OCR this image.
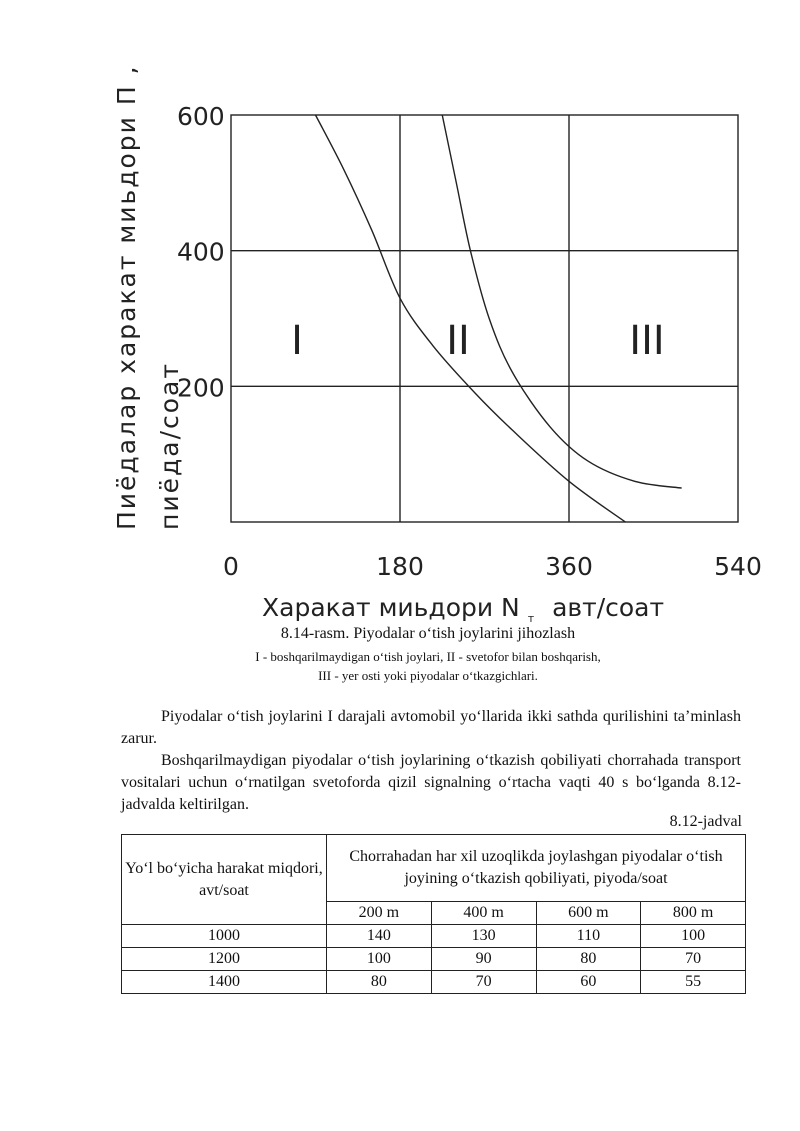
600
400
200
0	180	360	540
I	II	III
Пиёдалар харакат миьдори П , пиёда/соат
Харакат миьдори N $_т$ авт/соат
8.14-rasm. Piyodalar o‘tish joylarini jihozlash
I - boshqarilmaydigan o‘tish joylari, II - svetofor bilan boshqarish,
III - yer osti yoki piyodalar o‘tkazgichlari.
Piyodalar o‘tish joylarini I darajali avtomobil yo‘llarida ikki sathda qurilishini ta’minlash zarur.
Boshqarilmaydigan piyodalar o‘tish joylarining o‘tkazish qobiliyati chorrahada transport vositalari uchun o‘rnatilgan svetoforda qizil signalning o‘rtacha vaqti 40 s bo‘lganda 8.12-jadvalda keltirilgan.
8.12-jadval
Yo‘l bo‘yicha harakat miqdori, avt/soat	Chorrahadan har xil uzoqlikda joylashgan piyodalar o‘tish joyining o‘tkazish qobiliyati, piyoda/soat			
	200 m	400 m	600 m	800 m
1000	140	130	110	100
1200	100	90	80	70
1400	80	70	60	55
